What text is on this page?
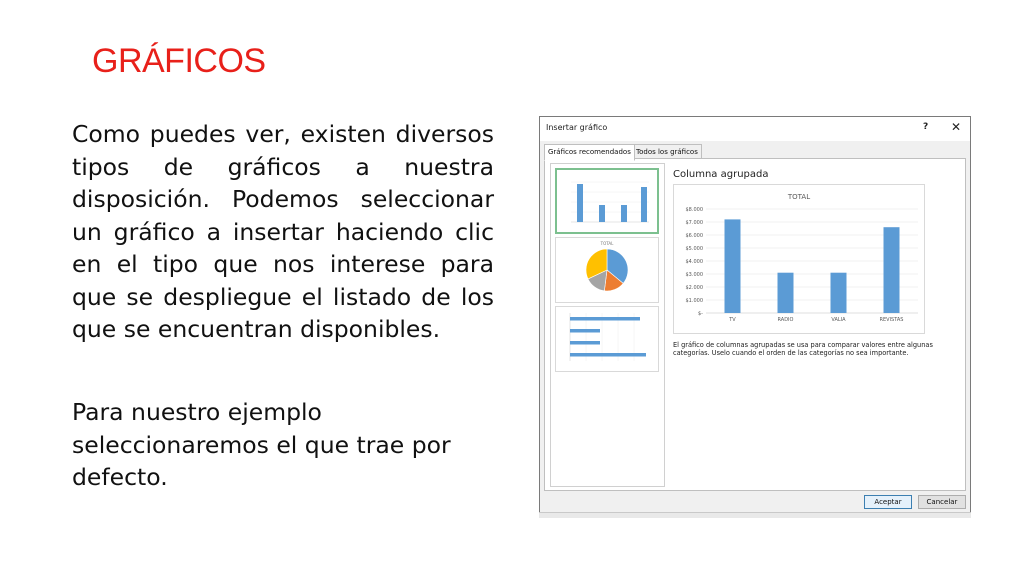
GRÁFICOS
Como puedes ver, existen diversos tipos de gráficos a nuestra disposición. Podemos seleccionar un gráfico a insertar haciendo clic en el tipo que nos interese para que se despliegue el listado de los que se encuentran disponibles.
Para nuestro ejemplo seleccionaremos el que trae por defecto.
Insertar gráfico	? ✕
Gráficos recomendados Todos los gráficos
TOTAL
Columna agrupada
TOTAL
$-
$1.000
$2.000
$3.000
$4.000
$5.000
$6.000
$7.000
$8.000
TV	RADIO	VALIA	REVISTAS
El gráfico de columnas agrupadas se usa para comparar valores entre algunas categorías. Uselo cuando el orden de las categorías no sea importante.
Aceptar	Cancelar
